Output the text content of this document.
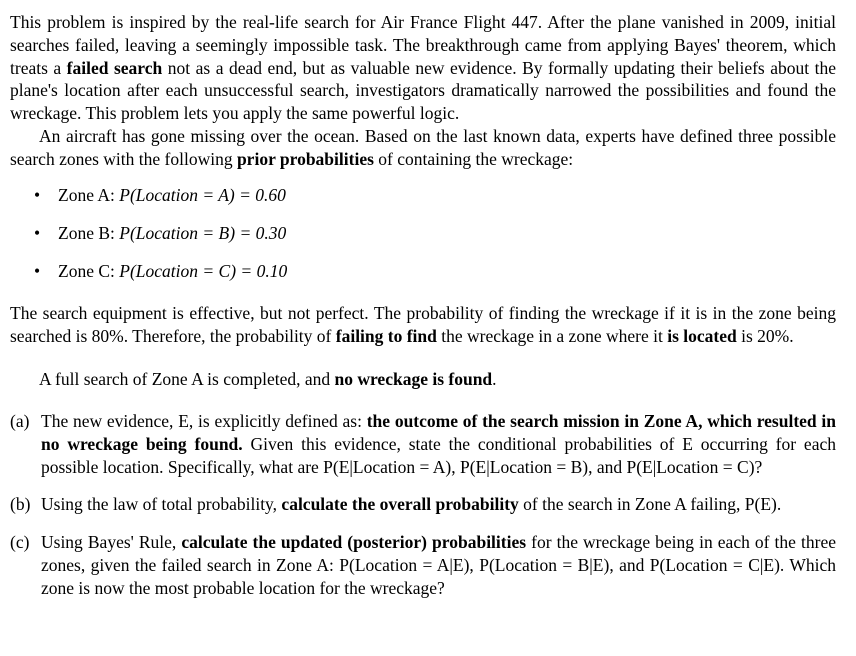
This problem is inspired by the real-life search for Air France Flight 447. After the plane vanished in 2009, initial searches failed, leaving a seemingly impossible task. The breakthrough came from applying Bayes' theorem, which treats a failed search not as a dead end, but as valuable new evidence. By formally updating their beliefs about the plane's location after each unsuccessful search, investigators dramatically narrowed the possibilities and found the wreckage. This problem lets you apply the same powerful logic.

An aircraft has gone missing over the ocean. Based on the last known data, experts have defined three possible search zones with the following prior probabilities of containing the wreckage:

•	Zone A:
P(Location = A) = 0.60
•	Zone B:
P(Location = B) = 0.30
•	Zone C:
P(Location = C) = 0.10

The search equipment is effective, but not perfect. The probability of finding the wreckage if it is in the zone being searched is 80%. Therefore, the probability of failing to find the wreckage in a zone where it is located is 20%.

A full search of Zone A is completed, and no wreckage is found.

(a) The new evidence, E, is explicitly defined as: the outcome of the search mission in Zone A, which resulted in no wreckage being found. Given this evidence, state the conditional probabilities of E occurring for each possible location. Specifically, what are P(E|Location = A), P(E|Location = B), and P(E|Location = C)?
(b) Using the law of total probability, calculate the overall probability of the search in Zone A failing, P(E).
(c) Using Bayes' Rule, calculate the updated (posterior) probabilities for the wreckage being in each of the three zones, given the failed search in Zone A: P(Location = A|E), P(Location = B|E), and P(Location = C|E). Which zone is now the most probable location for the wreckage?
